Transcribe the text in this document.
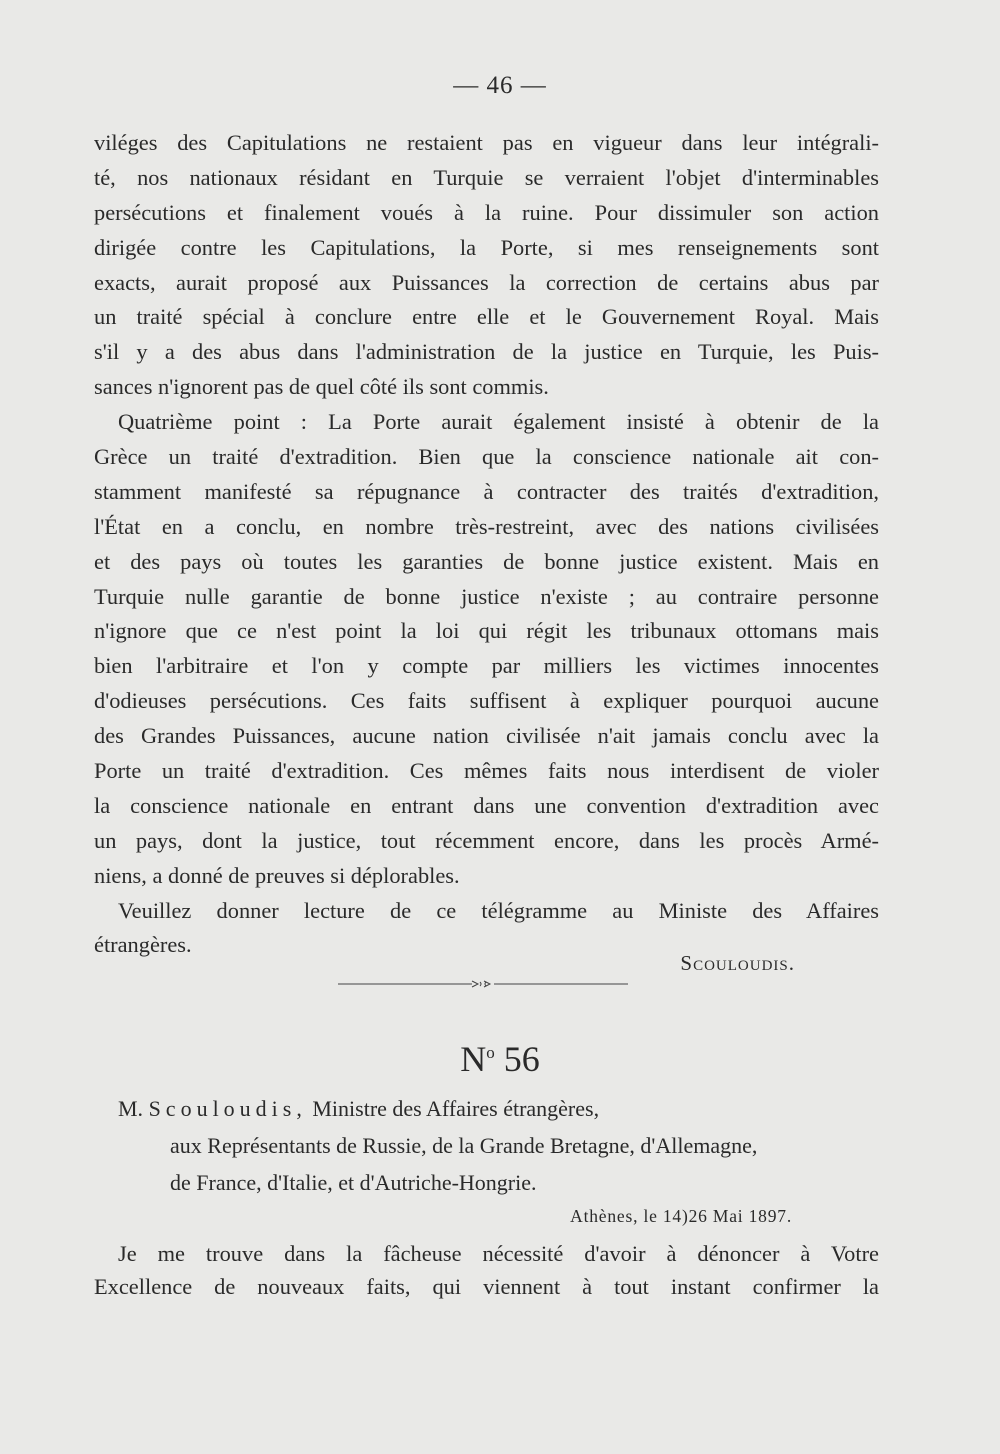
— 46 —
viléges des Capitulations ne restaient pas en vigueur dans leur intégrali-
té, nos nationaux résidant en Turquie se verraient l'objet d'interminables
persécutions et finalement voués à la ruine. Pour dissimuler son action
dirigée contre les Capitulations, la Porte, si mes renseignements sont
exacts, aurait proposé aux Puissances la correction de certains abus par
un traité spécial à conclure entre elle et le Gouvernement Royal. Mais
s'il y a des abus dans l'administration de la justice en Turquie, les Puis-
sances n'ignorent pas de quel côté ils sont commis.
Quatrième point : La Porte aurait également insisté à obtenir de la
Grèce un traité d'extradition. Bien que la conscience nationale ait con-
stamment manifesté sa répugnance à contracter des traités d'extradition,
l'État en a conclu, en nombre très-restreint, avec des nations civilisées
et des pays où toutes les garanties de bonne justice existent. Mais en
Turquie nulle garantie de bonne justice n'existe ; au contraire personne
n'ignore que ce n'est point la loi qui régit les tribunaux ottomans mais
bien l'arbitraire et l'on y compte par milliers les victimes innocentes
d'odieuses persécutions. Ces faits suffisent à expliquer pourquoi aucune
des Grandes Puissances, aucune nation civilisée n'ait jamais conclu avec la
Porte un traité d'extradition. Ces mêmes faits nous interdisent de violer
la conscience nationale en entrant dans une convention d'extradition avec
un pays, dont la justice, tout récemment encore, dans les procès Armé-
niens, a donné de preuves si déplorables.
Veuillez donner lecture de ce télégramme au Ministe des Affaires
étrangères.
Scouloudis.
$N^o$ 56
M. Scouloudis, Ministre des Affaires étrangères,
aux Représentants de Russie, de la Grande Bretagne, d'Allemagne,
de France, d'Italie, et d'Autriche-Hongrie.
Athènes, le 14)26 Mai 1897.
Je me trouve dans la fâcheuse nécessité d'avoir à dénoncer à Votre
Excellence de nouveaux faits, qui viennent à tout instant confirmer la
